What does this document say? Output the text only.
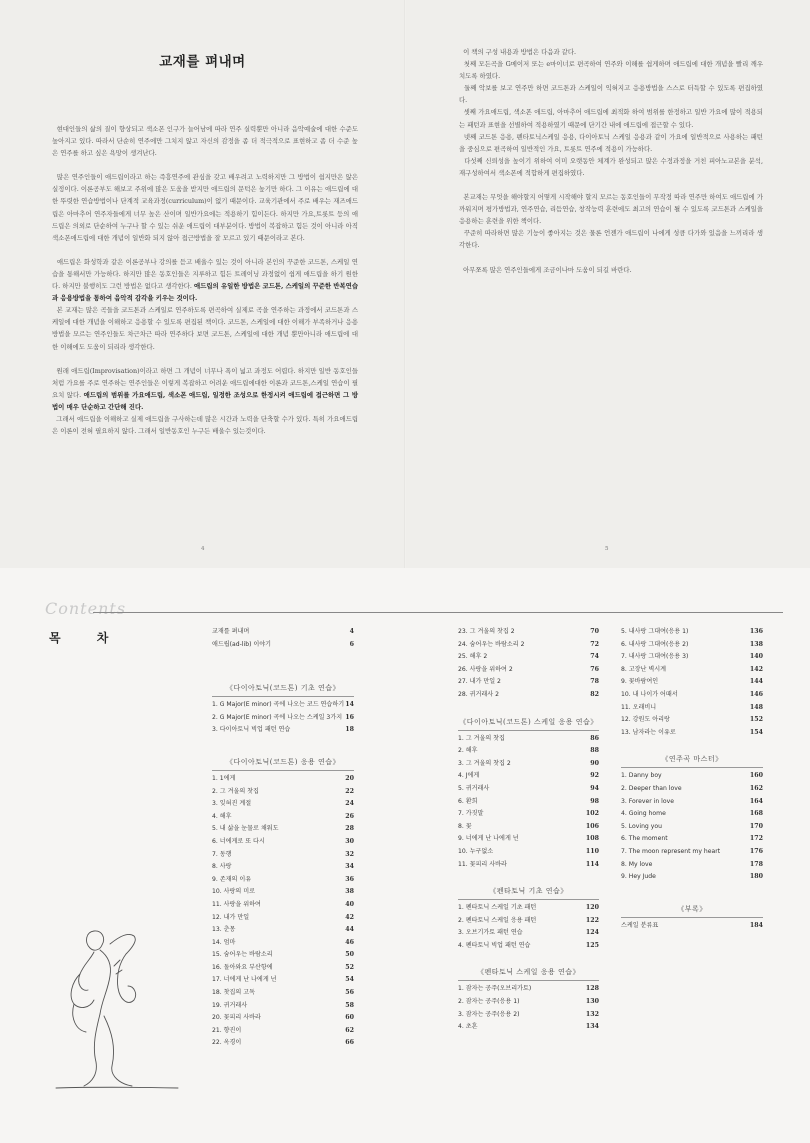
교재를 펴내며
현대인들의 삶의 질이 향상되고 색소폰 인구가 늘어남에 따라 연주 실력뿐만 아니라 음악예술에 대한 수준도 높아지고 있다. 따라서 단순히 연주에만 그치지 않고 자신의 감정을 좀 더 적극적으로 표현하고 좀 더 수준 높은 연주를 하고 싶은 욕망이 생겨난다.
많은 연주인들이 애드립이라고 하는 즉흥연주에 관심을 갖고 배우려고 노력하지만 그 방법이 쉽지만은 않은 실정이다. 이론공부도 해보고 주위에 많은 도움을 받지만 애드립의 문턱은 높기만 하다. 그 이유는 애드립에 대한 뚜렷한 연습방법이나 단계적 교육과정(curriculum)이 없기 때문이다. 교육기관에서 주로 배우는 재즈애드립은 아마추어 연주자들에게 너무 높은 산이며 일반가요에는 적용하기 힘이든다. 하지만 가요,트롯트 등의 애드립은 의외로 단순하여 누구나 할 수 있는 쉬운 애드립이 대부분이다. 방법이 복잡하고 힘든 것이 아니라 아직 색소폰애드립에 대한 개념이 일반화 되지 않아 접근방법을 잘 모르고 있기 때문이라고 본다.
애드립은 화성학과 같은 이론공부나 강의를 듣고 배울수 있는 것이 아니라 본인의 꾸준한 코드톤, 스케일 연습을 통해서만 가능하다. 하지만 많은 동호인들은 지루하고 힘든 트레이닝 과정없이 쉽게 애드립을 하기 원한다. 하지만 불행히도 그런 방법은 없다고 생각한다. 애드립의 유일한 방법은 코드톤, 스케일의 꾸준한 반복연습과 응용방법을 통하여 음악적 감각을 키우는 것이다.
본 교재는 많은 곡들을 코드톤과 스케일로 연주하도록 편곡하여 실제로 곡을 연주하는 과정에서 코드톤과 스케일에 대한 개념을 이해하고 응용할 수 있도록 편집된 책이다. 코드톤, 스케일에 대한 이해가 부족하거나 응용방법을 모르는 연주인들도 차근차근 따라 연주하다 보면 코드톤, 스케일에 대한 개념 뿐만아니라 애드립에 대한 이해에도 도움이 되리라 생각한다.
원래 애드립(Improvisation)이라고 하면 그 개념이 너무나 폭이 넓고 과정도 어렵다. 하지만 일반 동호인들처럼 가요를 주로 연주하는 연주인들은 이렇게 복잡하고 어려운 애드립에대한 이론과 코드톤,스케일 연습이 필요치 않다. 애드립의 범위를 가요애드립, 색소폰 애드립, 일정한 조성으로 한정시켜 애드립에 접근하면 그 방법이 매우 단순하고 간단해 진다.
그래서 애드립을 이해하고 실제 애드립을 구사하는데 많은 시간과 노력을 단축할 수가 있다. 특히 가요애드립은 이론이 전혀 필요하지 않다. 그래서 일반동호인 누구든 배울수 있는것이다.
4
이 책의 구성 내용과 방법은 다음과 같다.
첫째 모든곡을 G메이저 또는 e마이너로 편곡하여 연주와 이해를 쉽게하며 애드립에 대한 개념을 빨리 깨우치도록 하였다.
둘째 악보를 보고 연주만 하면 코드톤과 스케일이 익혀지고 응용방법을 스스로 터득할 수 있도록 편집하였다.
셋째 가요애드립, 색소폰 애드립, 아마추어 애드립에 최적화 하여 범위를 한정하고 일반 가요에 많이 적용되는 패턴과 표현을 선별하여 적용하였기 때문에 단기간 내에 애드립에 접근할 수 있다.
넷째 코드톤 응용, 펜타토닉스케일 응용, 다이아토닉 스케일 응용과 같이 가요에 일반적으로 사용하는 패턴을 중심으로 편곡하여 일반적인 가요, 트롯트 연주에 적용이 가능하다.
다섯째 신뢰성을 높이기 위하여 이미 오랫동안 체계가 완성되고 많은 수정과정을 거친 피아노교본을 분석, 재구성하여서 색소폰에 적합하게 편집하였다.
본교재는 무엇을 해야할지 어떻게 시작해야 할지 모르는 동호인들이 무작정 따라 연주만 하여도 애드립에 가까워지며 평가방법과, 연주연습, 리듬연습, 창작능력 훈련에도 최고의 연습이 될 수 있도록 코드톤과 스케일을 응용하는 훈련을 위한 책이다.
꾸준히 따라하면 많은 기능이 좋아지는 것은 물론 언젠가 애드립이 나에게 성큼 다가와 있음을 느끼리라 생각한다.
아무쪼록 많은 연주인들에게 조금이나마 도움이 되길 바란다.
5
Contents
목 차	교재를 펴내며	4
애드립(ad-lib) 이야기	6
《다이아토닉(코드톤) 기초 연습》
1. G Major(E minor) 곡에 나오는 코드 연습하기 14
2. G Major(E minor) 곡에 나오는 스케일 3가지 16
3. 다이아토닉 빅업 패턴 연습	18
《다이아토닉(코드톤) 응용 연습》
1. 1에게	20
2. 그 겨울의 찻집	22
3. 잊혀진 계절	24
4. 해후	26
5. 내 삶을 눈물로 채워도	28
6. 너에게로 또 다시	30
7. 동행	32
8. 사랑	34
9. 존재의 이유	36
10. 사랑의 미로	38
11. 사랑을 위하여	40
12. 내가 만일	42
13. 춘몽	44
14. 엄마	46
15. 숨어우는 바람소리	50
16. 돌아와요 부산항에	52
17. 너에게 난 나에게 넌	54
18. 찻집의 고독	56
19. 귀거래사	58
20. 꽃피리 사바라	60
21. 향진이	62
22. 옥경이	66
23. 그 겨울의 찻집 2	70
24. 숨어우는 바람소리 2	72
25. 해후 2	74
26. 사랑을 위하여 2	76
27. 내가 만일 2	78
28. 귀거래사 2	82
《다이아토닉(코드톤) 스케일 응용 연습》
1. 그 겨울의 찻집	86
2. 해후	88
3. 그 겨울의 찻집 2	90
4. J에게	92
5. 귀거래사	94
6. 환희	98
7. 가짓말	102
8. 꽃	106
9. 너에게 난 나에게 넌	108
10. 누구없소	110
11. 꽃피리 사바라	114
《펜타토닉 기초 연습》
1. 펜타토닉 스케일 기초 패턴	120
2. 펜타토닉 스케일 응용 패턴	122
3. 오브기가토 패턴 연습	124
4. 펜타토닉 빅업 패턴 연습	125
《펜타토닉 스케일 응용 연습》
1. 잠자는 공주(오브리가토)	128
2. 잠자는 공주(응용 1)	130
3. 잠자는 공주(응용 2)	132
4. 초혼	134
5. 내사랑 그대여(응용 1)	136
6. 내사랑 그대여(응용 2)	138
7. 내사랑 그대여(응용 3)	140
8. 고장난 벽시계	142
9. 꽃바람여인	144
10. 내 나이가 어때서	146
11. 오래비니	148
12. 강원도 아리랑	152
13. 남자라는 이유로	154
《연주곡 마스터》
1. Danny boy	160
2. Deeper than love	162
3. Forever in love	164
4. Going home	168
5. Loving you	170
6. The moment	172
7. The moon represent my heart	176
8. My love	178
9. Hey Jude	180
《부록》
스케일 분류표	184
